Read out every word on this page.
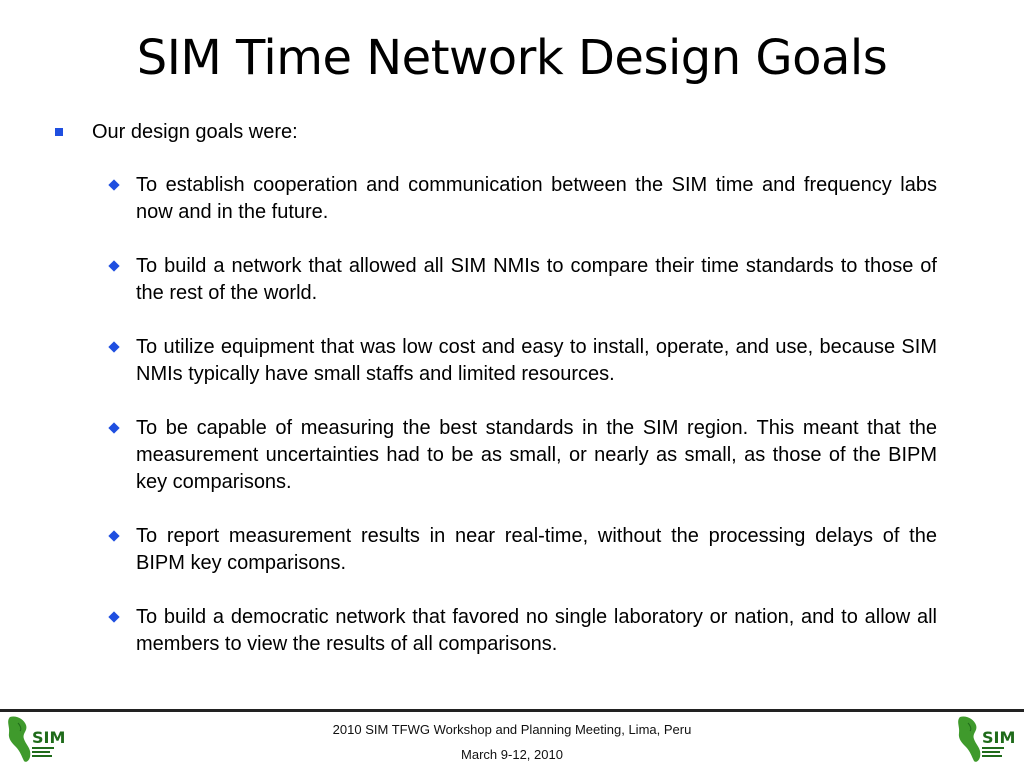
SIM Time Network Design Goals
Our design goals were:
To establish cooperation and communication between the SIM time and frequency labs now and in the future.
To build a network that allowed all SIM NMIs to compare their time standards to those of the rest of the world.
To utilize equipment that was low cost and easy to install, operate, and use, because SIM NMIs typically have small staffs and limited resources.
To be capable of measuring the best standards in the SIM region. This meant that the measurement uncertainties had to be as small, or nearly as small, as those of the BIPM key comparisons.
To report measurement results in near real-time, without the processing delays of the BIPM key comparisons.
To build a democratic network that favored no single laboratory or nation, and to allow all members to view the results of all comparisons.
SIM	2010 SIM TFWG Workshop and Planning Meeting, Lima, Peru
March 9-12, 2010
SIM
